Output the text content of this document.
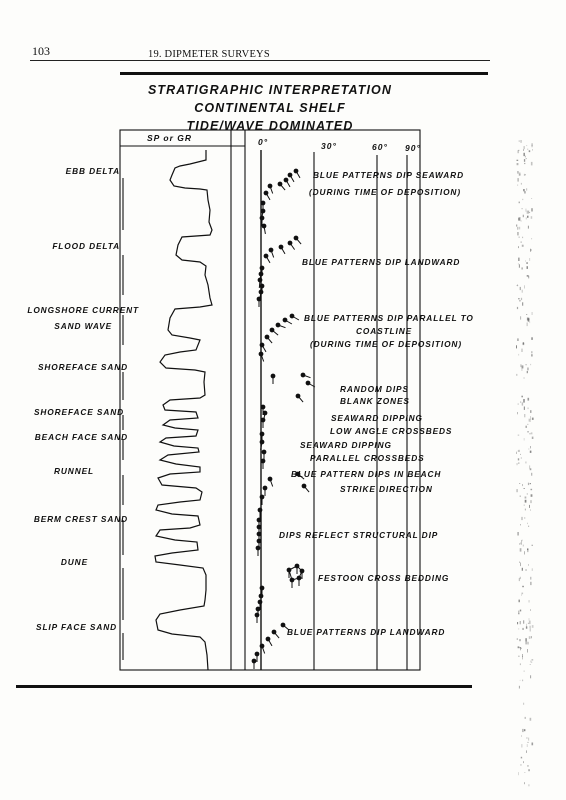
103	19. DIPMETER SURVEYS
STRATIGRAPHIC INTERPRETATION
CONTINENTAL SHELF
TIDE/WAVE DOMINATED
SP or GR	0°	30°	60° 90°
EBB DELTA
FLOOD DELTA
LONGSHORE CURRENT
SAND WAVE
SHOREFACE SAND
SHOREFACE SAND
BEACH FACE SAND
RUNNEL
BERM CREST SAND
DUNE
SLIP FACE SAND
BLUE PATTERNS DIP SEAWARD
(DURING TIME OF DEPOSITION)
BLUE PATTERNS DIP LANDWARD
BLUE PATTERNS DIP PARALLEL TO
COASTLINE
(DURING TIME OF DEPOSITION)
RANDOM DIPS
BLANK ZONES
SEAWARD DIPPING
LOW ANGLE CROSSBEDS
SEAWARD DIPPING
PARALLEL CROSSBEDS
BLUE PATTERN DIPS IN BEACH
STRIKE DIRECTION
DIPS REFLECT STRUCTURAL DIP
FESTOON CROSS BEDDING
BLUE PATTERNS DIP LANDWARD
